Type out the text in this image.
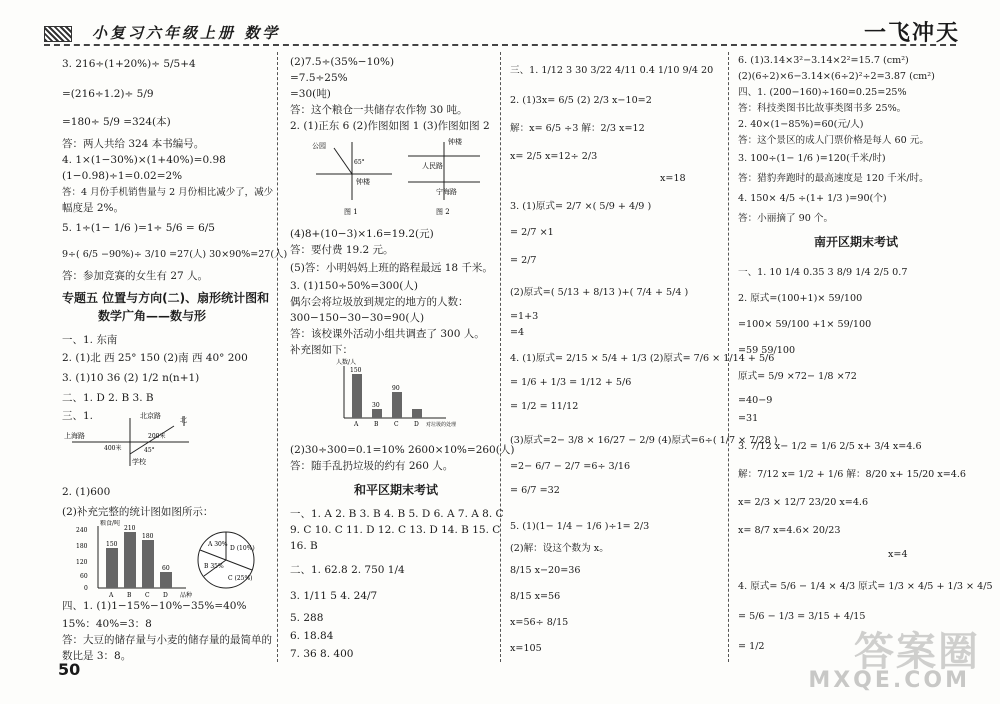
小复习六年级上册 数学	一飞冲天
3. 216÷(1+20%)÷ 5/5+4
=(216÷1.2)÷ 5/9
=180÷ 5/9 =324(本)
答：两人共给 324 本书编号。
4. 1×(1−30%)×(1+40%)=0.98
(1−0.98)÷1=0.02=2%
答：4 月份手机销售量与 2 月份相比减少了，减少
幅度是 2%。
5. 1÷(1− 1/6 )=1÷ 5/6 = 6/5
9÷( 6/5 −90%)÷ 3/10 =27(人) 30×90%=27(人)
答：参加竞赛的女生有 27 人。
专题五 位置与方向(二)、扇形统计图和
数学广角——数与形
一、1. 东南
2. (1)北 西 25° 150 (2)南 西 40° 200
3. (1)10 36 (2) 1/2 n(n+1)
二、1. D 2. B 3. B
三、1.	北京路
上海路
学校
400米
200米
45°
北
2. (1)600
(2)补充完整的统计图如图所示：
240
180
120
60
0
150
210
180
60
A B C D
粮食/吨
品种
A 30%
B 35%
C (25%)
D (10%)
四、1. (1)1−15%−10%−35%=40%
15%：40%=3：8
答：大豆的储存量与小麦的储存量的最简单的
数比是 3：8。
(2)7.5÷(35%−10%)
=7.5÷25%
=30(吨)
答：这个粮仓一共储存农作物 30 吨。
2. (1)正东 6 (2)作图如图 1 (3)作图如图 2
公园
65°
钟楼
图 1
钟楼
人民路
宁海路
图 2
(4)8+(10−3)×1.6=19.2(元)
答：要付费 19.2 元。
(5)答：小明妈妈上班的路程最远 18 千米。
3. (1)150÷50%=300(人)
偶尔会将垃圾放到规定的地方的人数：
300−150−30−30=90(人)
答：该校课外活动小组共调查了 300 人。
补充图如下：
人数/人
150
30
90
A	B	C	D 对垃圾的处理
(2)30÷300=0.1=10% 2600×10%=260(人)
答：随手乱扔垃圾的约有 260 人。
和平区期末考试
一、1. A 2. B 3. B 4. B 5. D 6. A 7. A 8. C
9. C 10. C 11. D 12. C 13. D 14. B 15. C
16. B
二、1. 62.8 2. 750 1/4
3. 1/11 5 4. 24/7
5. 288
6. 18.84
7. 36 8. 400
三、1. 1/12 3 30 3/22 4/11 0.4 1/10 9/4 20
2. (1)3x= 6/5 (2) 2/3 x−10=2
解：x= 6/5 ÷3 解：2/3 x=12
x= 2/5 x=12÷ 2/3
x=18
3. (1)原式= 2/7 ×( 5/9 + 4/9 )
= 2/7 ×1
= 2/7
(2)原式=( 5/13 + 8/13 )+( 7/4 + 5/4 )
=1+3
=4
4. (1)原式= 2/15 × 5/4 + 1/3 (2)原式= 7/6 × 1/14 + 5/6
= 1/6 + 1/3 = 1/12 + 5/6
= 1/2 = 11/12
(3)原式=2− 3/8 × 16/27 − 2/9 (4)原式=6÷( 1/7 × 7/28 )
=2− 6/7 − 2/7 =6÷ 3/16
= 6/7 =32
5. (1)(1− 1/4 − 1/6 )÷1= 2/3
(2)解：设这个数为 x。
8/15 x−20=36
8/15 x=56
x=56÷ 8/15
x=105
6. (1)3.14×3²−3.14×2²=15.7 (cm²)
(2)(6÷2)×6−3.14×(6÷2)²÷2=3.87 (cm²)
四、1. (200−160)÷160=0.25=25%
答：科技类图书比故事类图书多 25%。
2. 40×(1−85%)=60(元/人)
答：这个景区的成人门票价格是每人 60 元。
3. 100÷(1− 1/6 )=120(千米/时)
答：猎豹奔跑时的最高速度是 120 千米/时。
4. 150× 4/5 ÷(1+ 1/3 )=90(个)
答：小丽摘了 90 个。
南开区期末考试
一、1. 10 1/4 0.35 3 8/9 1/4 2/5 0.7
2. 原式=(100+1)× 59/100
=100× 59/100 +1× 59/100
=59 59/100
原式= 5/9 ×72− 1/8 ×72
=40−9
=31
3. 7/12 x− 1/2 = 1/6 2/5 x+ 3/4 x=4.6
解：7/12 x= 1/2 + 1/6 解：8/20 x+ 15/20 x=4.6
x= 2/3 × 12/7 23/20 x=4.6
x= 8/7 x=4.6× 20/23
x=4
4. 原式= 5/6 − 1/4 × 4/3 原式= 1/3 × 4/5 + 1/3 × 4/5
= 5/6 − 1/3 = 3/15 + 4/15
= 1/2
50	答案圈
MXQE.COM
